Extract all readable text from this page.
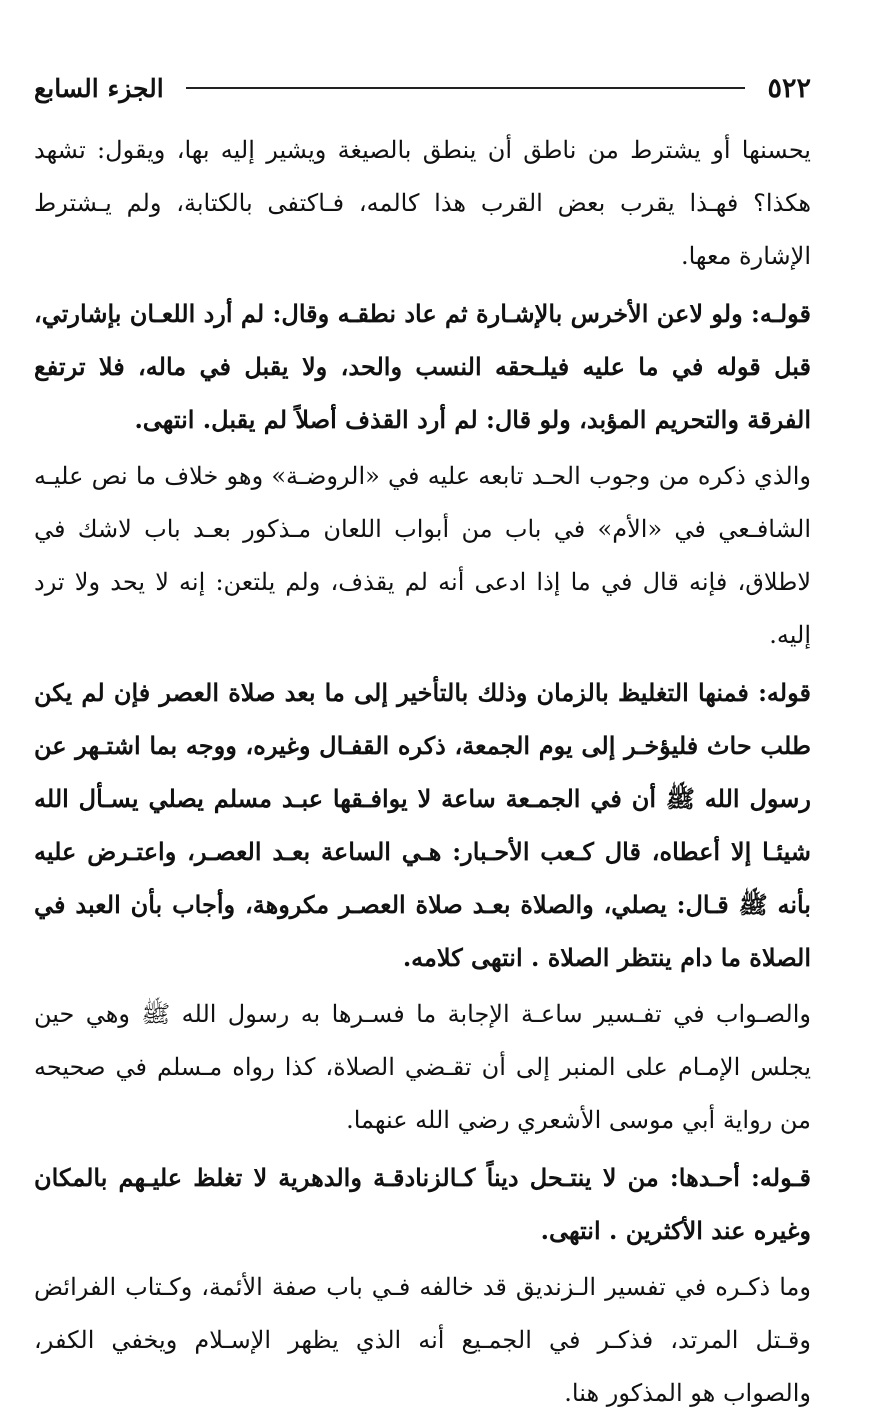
٥٢٢
الجزء السابع

يحسنها أو يشترط من ناطق أن ينطق بالصيغة ويشير إليه بها، ويقول: تشهد هكذا؟ فهـذا يقرب بعض القرب هذا كالمه، فـاكتفى بالكتابة، ولم يـشترط الإشارة معها.

قولـه: ولو لاعن الأخرس بالإشـارة ثم عاد نطقـه وقال: لم أرد اللعـان بإشارتي، قبل قوله في ما عليه فيلـحقه النسب والحد، ولا يقبل في ماله، فلا ترتفع الفرقة والتحريم المؤبد، ولو قال: لم أرد القذف أصلاً لم يقبل. انتهى.

والذي ذكره من وجوب الحـد تابعه عليه في «الروضـة» وهو خلاف ما نص عليـه الشافـعي في «الأم» في باب من أبواب اللعان مـذكور بعـد باب لاشك في لاطلاق، فإنه قال في ما إذا ادعى أنه لم يقذف، ولم يلتعن: إنه لا يحد ولا ترد إليه.

قوله: فمنها التغليظ بالزمان وذلك بالتأخير إلى ما بعد صلاة العصر فإن لم يكن طلب حاث فليؤخـر إلى يوم الجمعة، ذكره القفـال وغيره، ووجه بما اشتـهر عن رسول الله ﷺ أن في الجمـعة ساعة لا يوافـقها عبـد مسلم يصلي يسـأل الله شيئـا إلا أعطاه، قال كـعب الأحـبار: هـي الساعة بعـد العصـر، واعتـرض عليه بأنه ﷺ قـال: يصلي، والصلاة بعـد صلاة العصـر مكروهة، وأجاب بأن العبد في الصلاة ما دام ينتظر الصلاة . انتهى كلامه.

والصـواب في تفـسير ساعـة الإجابة ما فسـرها به رسول الله ﷺ وهي حين يجلس الإمـام على المنبر إلى أن تقـضي الصلاة، كذا رواه مـسلم في صحيحه من رواية أبي موسى الأشعري رضي الله عنهما.

قـوله: أحـدها: من لا ينتـحل ديناً كـالزنادقـة والدهرية لا تغلظ عليـهم بالمكان وغيره عند الأكثرين . انتهى.

وما ذكـره في تفسير الـزنديق قد خالفه فـي باب صفة الأئمة، وكـتاب الفرائض وقـتل المرتد، فذكـر في الجمـيع أنه الذي يظهر الإسـلام ويخفي الكفر، والصواب هو المذكور هنا.
